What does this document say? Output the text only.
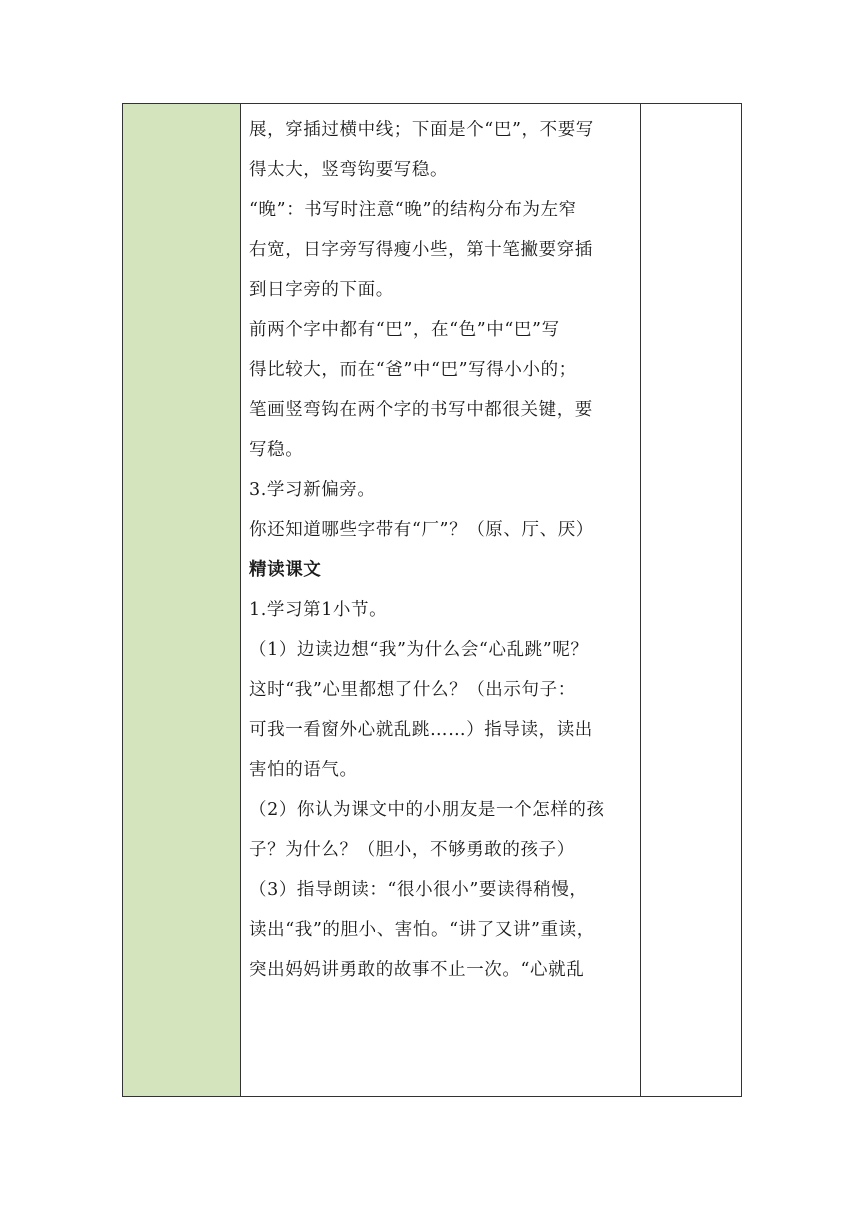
展，穿插过横中线；下面是个“巴”，不要写
得太大，竖弯钩要写稳。
“晚”：书写时注意“晚”的结构分布为左窄
右宽，日字旁写得瘦小些，第十笔撇要穿插
到日字旁的下面。
前两个字中都有“巴”，在“色”中“巴”写
得比较大，而在“爸”中“巴”写得小小的；
笔画竖弯钩在两个字的书写中都很关键，要
写稳。
3.学习新偏旁。
你还知道哪些字带有“厂”？（原、厅、厌）
精读课文
1.学习第1小节。
（1）边读边想“我”为什么会“心乱跳”呢？
这时“我”心里都想了什么？（出示句子：
可我一看窗外心就乱跳……）指导读，读出
害怕的语气。
（2）你认为课文中的小朋友是一个怎样的孩
子？为什么？（胆小，不够勇敢的孩子）
（3）指导朗读：“很小很小”要读得稍慢，
读出“我”的胆小、害怕。“讲了又讲”重读，
突出妈妈讲勇敢的故事不止一次。“心就乱
